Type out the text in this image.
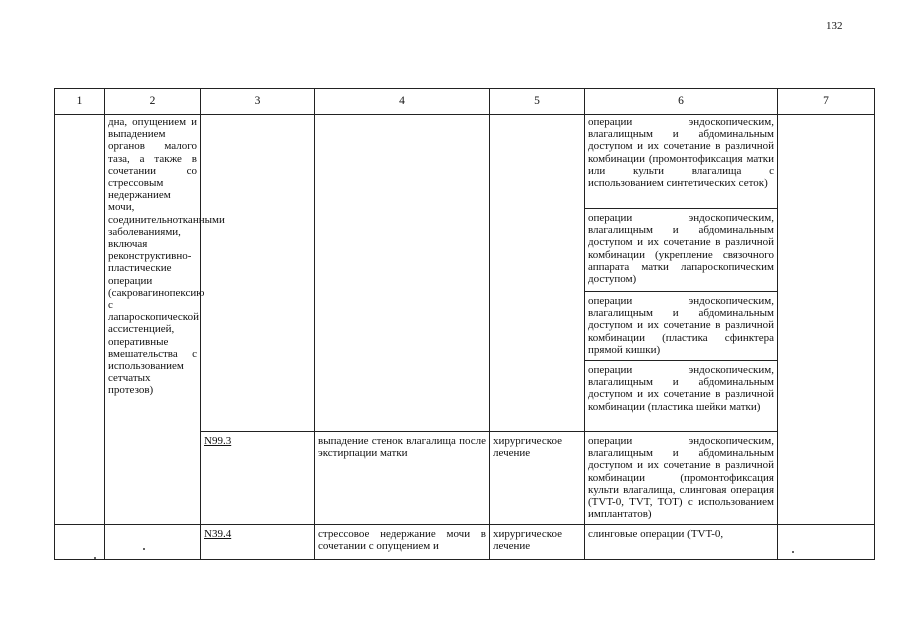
132
1	2	3	4	5	6	7
	дна, опущением и выпадением органов малого таза, а также в сочетании со стрессовым недержанием мочи, соединительнотканными заболеваниями, включая реконструктивно-пластические операции (сакровагинопексию с лапароскопической ассистенцией, оперативные вмешательства с использованием сетчатых протезов)				операции эндоскопическим, влагалищным и абдоминальным доступом и их сочетание в различной комбинации (промонтофиксация матки или культи влагалища с использованием синтетических сеток)	
					операции эндоскопическим, влагалищным и абдоминальным доступом и их сочетание в различной комбинации (укрепление связочного аппарата матки лапароскопическим доступом)	
					операции эндоскопическим, влагалищным и абдоминальным доступом и их сочетание в различной комбинации (пластика сфинктера прямой кишки)	
					операции эндоскопическим, влагалищным и абдоминальным доступом и их сочетание в различной комбинации (пластика шейки матки)	
		N99.3	выпадение стенок влагалища после экстирпации матки	хирургическое лечение	операции эндоскопическим, влагалищным и абдоминальным доступом и их сочетание в различной комбинации (промонтофиксация культи влагалища, слинговая операция (TVT-0, TVT, TOT) с использованием имплантатов)	
		N39.4	стрессовое недержание мочи в сочетании с опущением и	хирургическое лечение	слинговые операции (TVT-0,	
